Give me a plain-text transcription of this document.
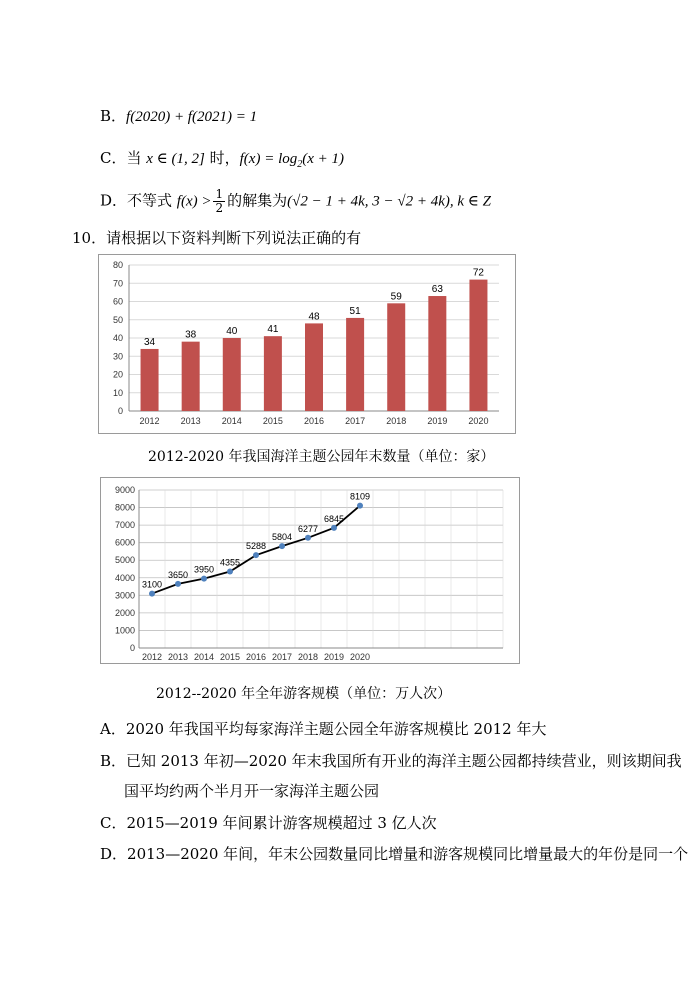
B．f(2020) + f(2021) = 1
C．当 x ∈ (1, 2] 时，$f(x) = \log_2(x + 1)$
D．不等式 $f(x) > \frac{1}{2}$ 的解集为(√2 − 1 + 4k, 3 − √2 + 4k), k ∈ Z
10．请根据以下资料判断下列说法正确的有
0
10
20
30
40
50
60
70
80
34
2012
38
2013
40
2014
41
2015
48
2016
51
2017
59
2018
63
2019
72
2020
2012-2020 年我国海洋主题公园年末数量（单位：家）
0
1000
2000
3000
4000
5000
6000
7000
8000
9000
3100
2012
3650
2013
3950
2014
4355
2015
5288
2016
5804
2017
6277
2018
6845
2019
8109
2020
2012--2020 年全年游客规模（单位：万人次）
A．2020 年我国平均每家海洋主题公园全年游客规模比 2012 年大
B．已知 2013 年初—2020 年末我国所有开业的海洋主题公园都持续营业，则该期间我
国平均约两个半月开一家海洋主题公园
C．2015—2019 年间累计游客规模超过 3 亿人次
D．2013—2020 年间，年末公园数量同比增量和游客规模同比增量最大的年份是同一个
